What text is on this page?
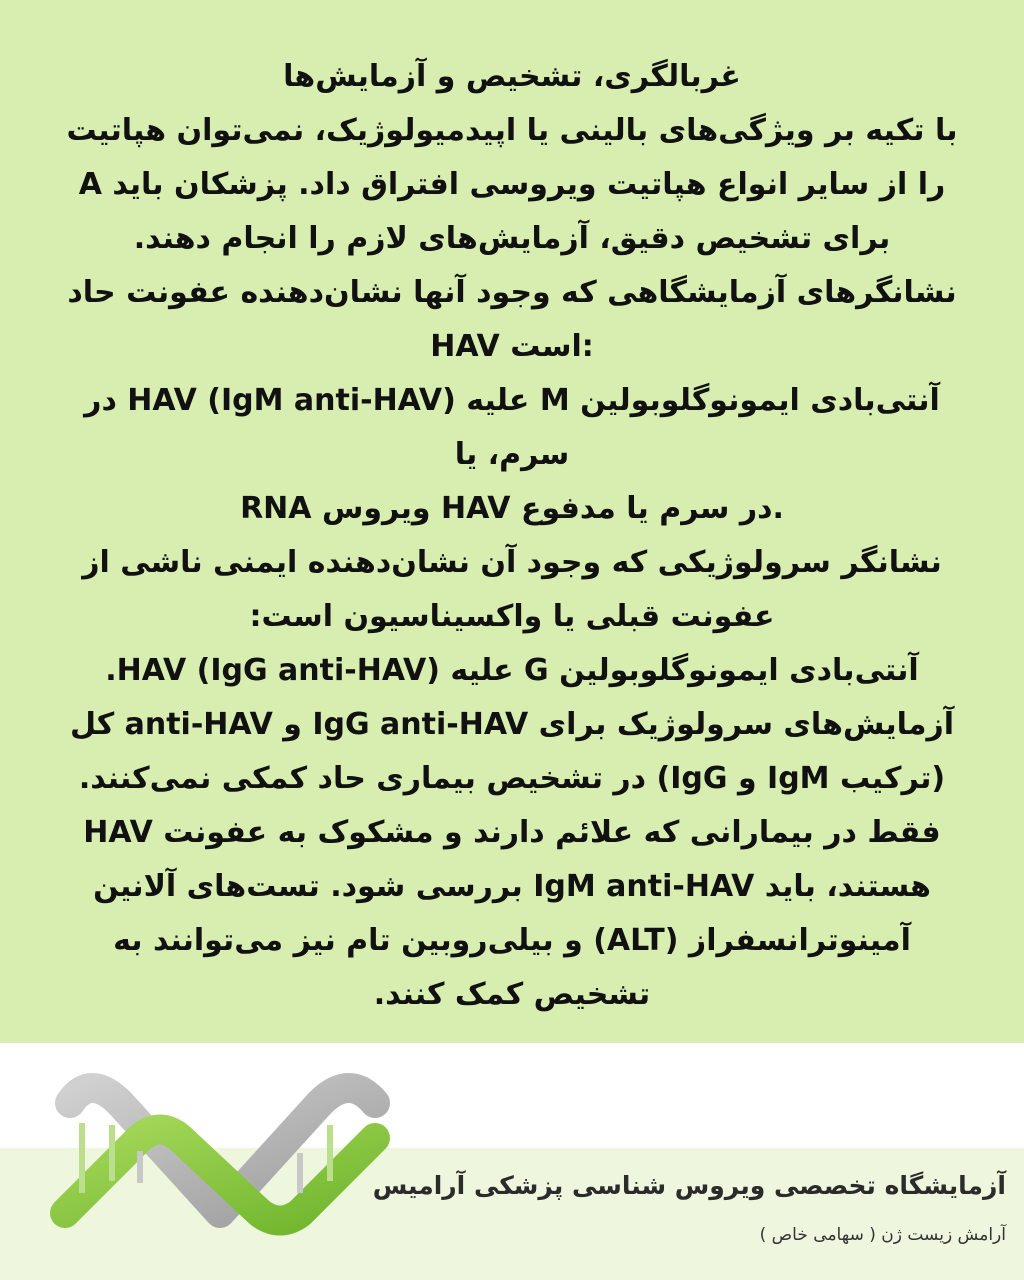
غربالگری، تشخیص و آزمایش‌ها
با تکیه بر ویژگی‌های بالینی یا اپیدمیولوژیک، نمی‌توان هپاتیت
A را از سایر انواع هپاتیت ویروسی افتراق داد. پزشکان باید
برای تشخیص دقیق، آزمایش‌های لازم را انجام دهند.
نشانگرهای آزمایشگاهی که وجود آنها نشان‌دهنده عفونت حاد
HAV است:
آنتی‌بادی ایمونوگلوبولین M علیه HAV (IgM anti-HAV) در
سرم، یا
RNA ویروس HAV در سرم یا مدفوع.
نشانگر سرولوژیکی که وجود آن نشان‌دهنده ایمنی ناشی از
عفونت قبلی یا واکسیناسیون است:
آنتی‌بادی ایمونوگلوبولین G علیه HAV (IgG anti-HAV).
آزمایش‌های سرولوژیک برای IgG anti-HAV و anti-HAV کل
(ترکیب IgM و IgG) در تشخیص بیماری حاد کمکی نمی‌کنند.
فقط در بیمارانی که علائم دارند و مشکوک به عفونت HAV
هستند، باید IgM anti-HAV بررسی شود. تست‌های آلانین
آمینوترانسفراز (ALT) و بیلی‌روبین تام نیز می‌توانند به
تشخیص کمک کنند.
آزمایشگاه تخصصی ویروس شناسی پزشکی آرامیس
آرامش زیست ژن ( سهامی خاص )
